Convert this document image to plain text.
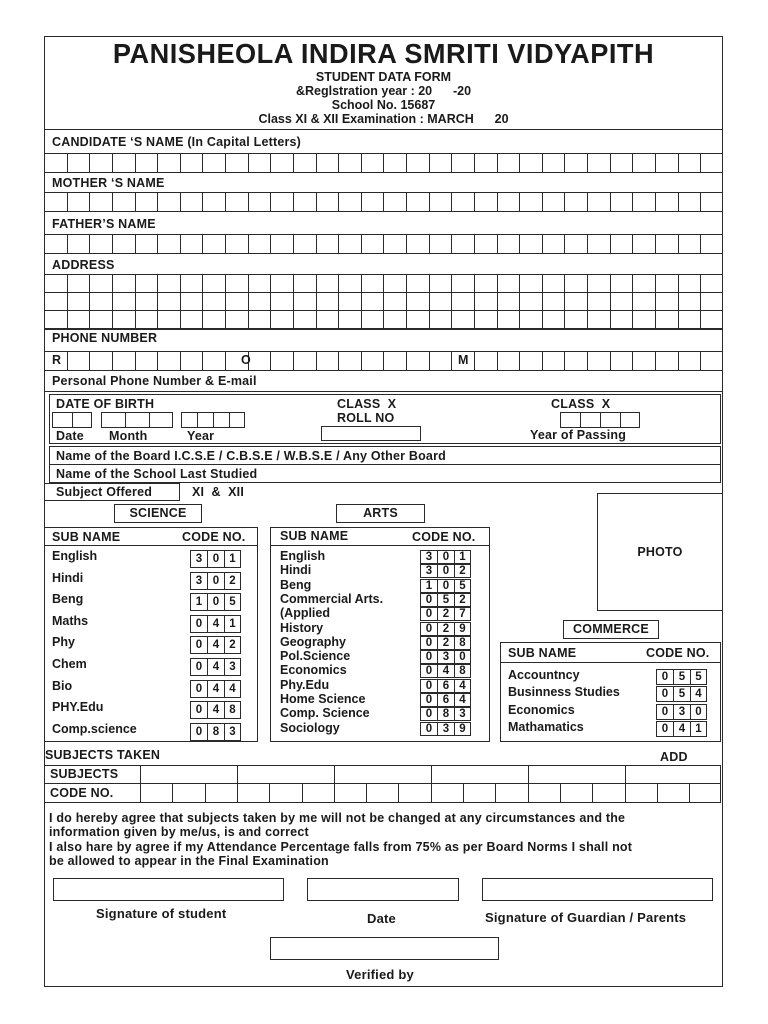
PANISHEOLA INDIRA SMRITI VIDYAPITH
STUDENT DATA FORM
&Reglstration year : 20      -20
School No. 15687
Class XI & XII Examination : MARCH      20
CANDIDATE ‘S NAME (In Capital Letters)
MOTHER ‘S NAME
FATHER’S NAME
ADDRESS
PHONE NUMBER
R	O	M
Personal Phone Number & E-mail
DATE OF BIRTH
Date Month	Year
CLASS  X
ROLL NO
CLASS  X
Year of Passing
Name of the Board I.C.S.E / C.B.S.E / W.B.S.E / Any Other Board
Name of the School Last Studied
Subject Offered	XI  &  XII
PHOTO
SCIENCE
SUB NAME	CODE NO.
English	3 0 1
Hindi	3 0 2
Beng	1 0 5
Maths	0 4 1
Phy	0 4 2
Chem	0 4 3
Bio	0 4 4
PHY.Edu	0 4 8
Comp.science	0 8 3
ARTS
SUB NAME	CODE NO.
English	3 0 1
Hindi	3 0 2
Beng	1 0 5
Commercial Arts.	0 5 2
(Applied	0 2 7
History	0 2 9
Geography	0 2 8
Pol.Science	0 3 0
Economics	0 4 8
Phy.Edu	0 6 4
Home Science	0 6 4
Comp. Science	0 8 3
Sociology	0 3 9
COMMERCE
SUB NAME	CODE NO.
Accountncy	0 5 5
Businness Studies	0 5 4
Economics	0 3 0
Mathamatics	0 4 1
SUBJECTS TAKEN	ADD
SUBJECTS
CODE NO.
I do hereby agree that subjects taken by me will not be changed at any circumstances and the
information given by me/us, is and correct
I also hare by agree if my Attendance Percentage falls from 75% as per Board Norms I shall not
be allowed to appear in the Final Examination
Signature of student	Date	Signature of Guardian / Parents
Verified by
